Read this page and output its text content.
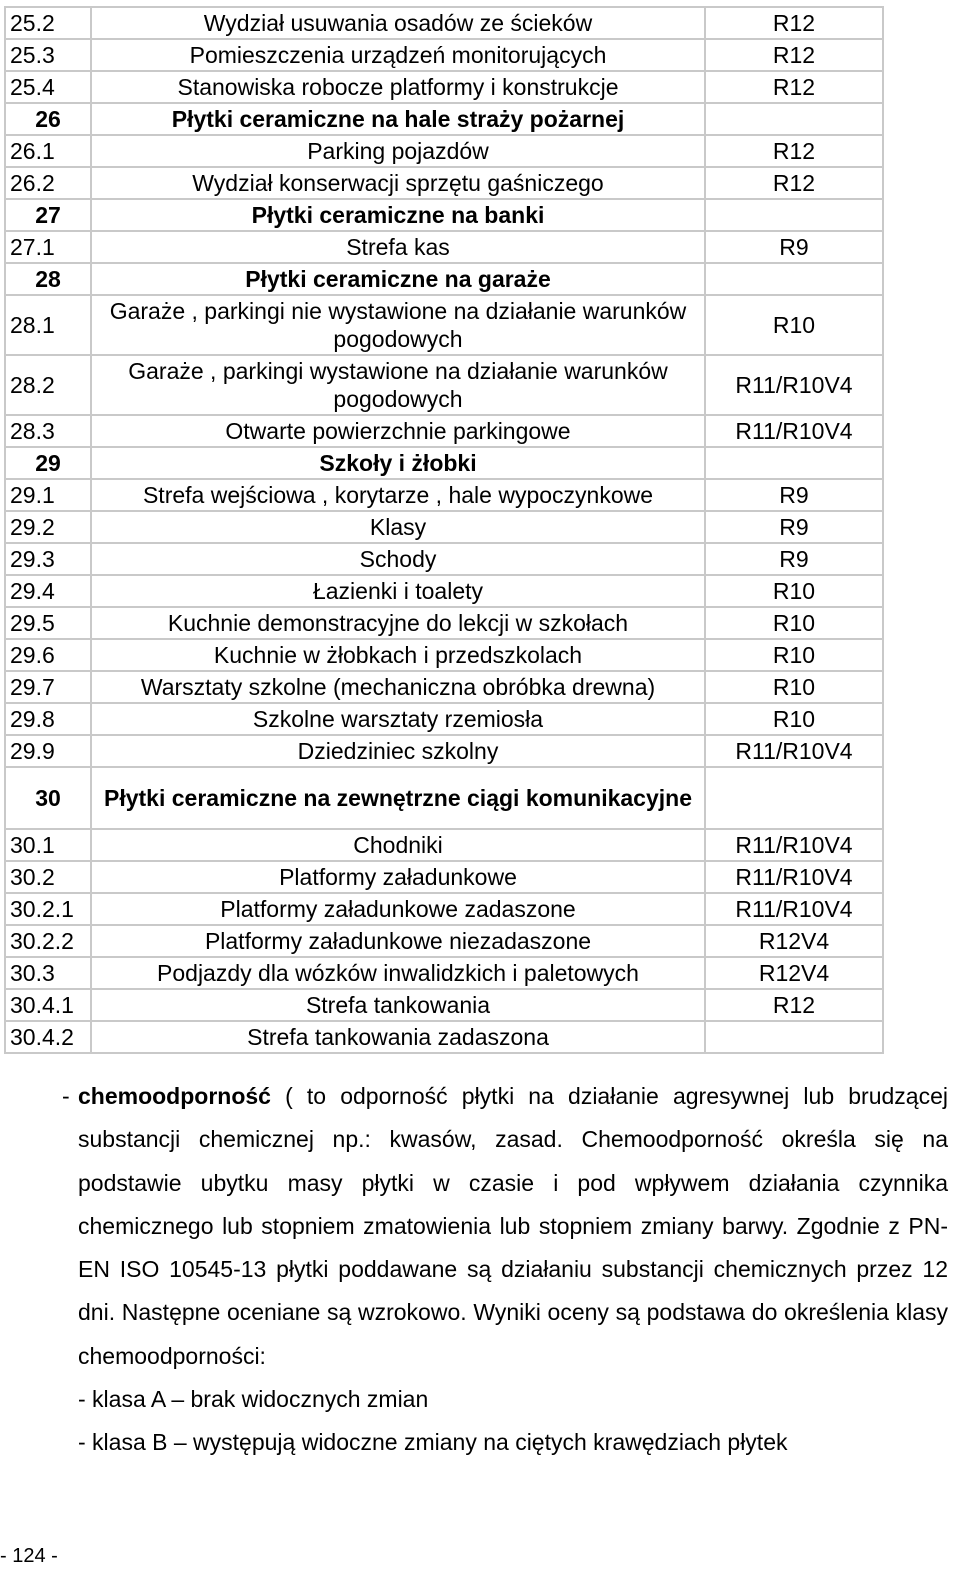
25.2	Wydział usuwania osadów ze ścieków	R12
25.3	Pomieszczenia urządzeń monitorujących	R12
25.4	Stanowiska robocze platformy i konstrukcje	R12
26	Płytki ceramiczne na hale straży pożarnej	
26.1	Parking pojazdów	R12
26.2	Wydział konserwacji sprzętu gaśniczego	R12
27	Płytki ceramiczne na banki	
27.1	Strefa kas	R9
28	Płytki ceramiczne na garaże	
28.1	Garaże , parkingi nie wystawione na działanie warunków pogodowych	R10
28.2	Garaże , parkingi wystawione na działanie warunków pogodowych	R11/R10V4
28.3	Otwarte powierzchnie parkingowe	R11/R10V4
29	Szkoły i żłobki	
29.1	Strefa wejściowa , korytarze , hale wypoczynkowe	R9
29.2	Klasy	R9
29.3	Schody	R9
29.4	Łazienki i toalety	R10
29.5	Kuchnie demonstracyjne do lekcji w szkołach	R10
29.6	Kuchnie w żłobkach i przedszkolach	R10
29.7	Warsztaty szkolne (mechaniczna obróbka drewna)	R10
29.8	Szkolne warsztaty rzemiosła	R10
29.9	Dziedziniec szkolny	R11/R10V4
30	Płytki ceramiczne na zewnętrzne ciągi komunikacyjne	
30.1	Chodniki	R11/R10V4
30.2	Platformy załadunkowe	R11/R10V4
30.2.1	Platformy załadunkowe zadaszone	R11/R10V4
30.2.2	Platformy załadunkowe niezadaszone	R12V4
30.3	Podjazdy dla wózków inwalidzkich i paletowych	R12V4
30.4.1	Strefa tankowania	R12
30.4.2	Strefa tankowania zadaszona	
- chemoodporność ( to odporność płytki na działanie agresywnej lub brudzącej substancji chemicznej np.: kwasów, zasad. Chemoodporność określa się na podstawie ubytku masy płytki w czasie i pod wpływem działania czynnika chemicznego lub stopniem zmatowienia lub stopniem zmiany barwy. Zgodnie z PN-EN ISO 10545-13 płytki poddawane są działaniu substancji chemicznych przez 12 dni. Następne oceniane są wzrokowo. Wyniki oceny są podstawa do określenia klasy chemoodporności:
- klasa A – brak widocznych zmian
- klasa B – występują widoczne zmiany na ciętych krawędziach płytek
- 124 -
